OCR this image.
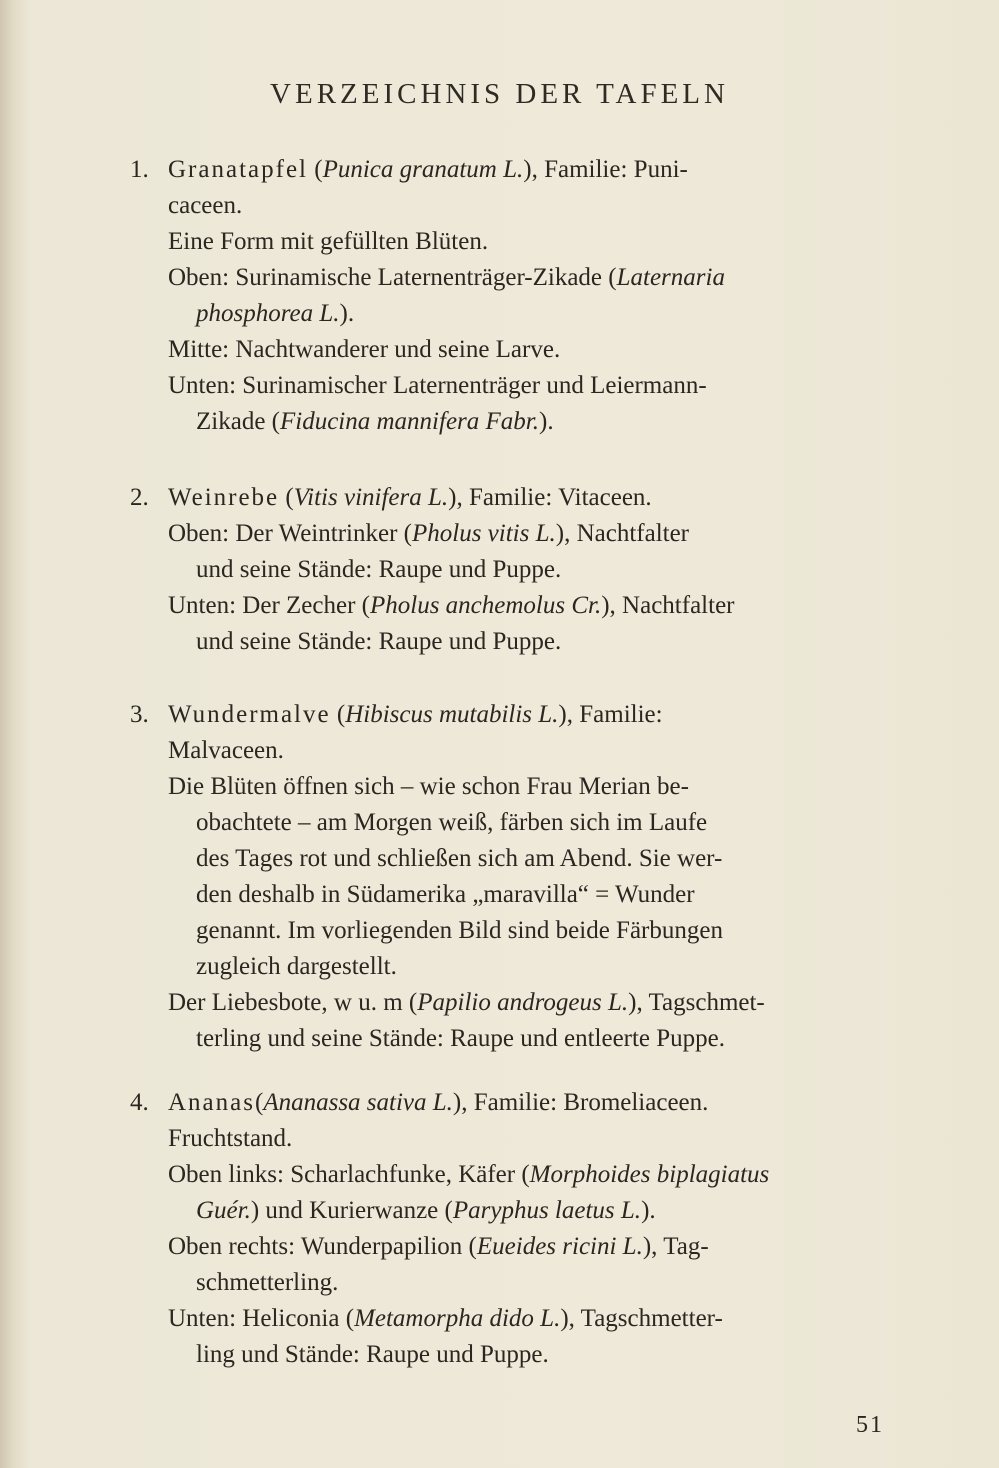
VERZEICHNIS DER TAFELN
1. Granatapfel (Punica granatum L.), Familie: Puni-
caceen.
Eine Form mit gefüllten Blüten.
Oben: Surinamische Laternenträger-Zikade (Laternaria
phosphorea L.).
Mitte: Nachtwanderer und seine Larve.
Unten: Surinamischer Laternenträger und Leiermann-
Zikade (Fiducina mannifera Fabr.).
2. Weinrebe (Vitis vinifera L.), Familie: Vitaceen.
Oben: Der Weintrinker (Pholus vitis L.), Nachtfalter
und seine Stände: Raupe und Puppe.
Unten: Der Zecher (Pholus anchemolus Cr.), Nachtfalter
und seine Stände: Raupe und Puppe.
3. Wundermalve (Hibiscus mutabilis L.), Familie:
Malvaceen.
Die Blüten öffnen sich – wie schon Frau Merian be-
obachtete – am Morgen weiß, färben sich im Laufe
des Tages rot und schließen sich am Abend. Sie wer-
den deshalb in Südamerika „maravilla“ = Wunder
genannt. Im vorliegenden Bild sind beide Färbungen
zugleich dargestellt.
Der Liebesbote, w u. m (Papilio androgeus L.), Tagschmet-
terling und seine Stände: Raupe und entleerte Puppe.
4. Ananas(Ananassa sativa L.), Familie: Bromeliaceen.
Fruchtstand.
Oben links: Scharlachfunke, Käfer (Morphoides biplagiatus
Guér.) und Kurierwanze (Paryphus laetus L.).
Oben rechts: Wunderpapilion (Eueides ricini L.), Tag-
schmetterling.
Unten: Heliconia (Metamorpha dido L.), Tagschmetter-
ling und Stände: Raupe und Puppe.
51
